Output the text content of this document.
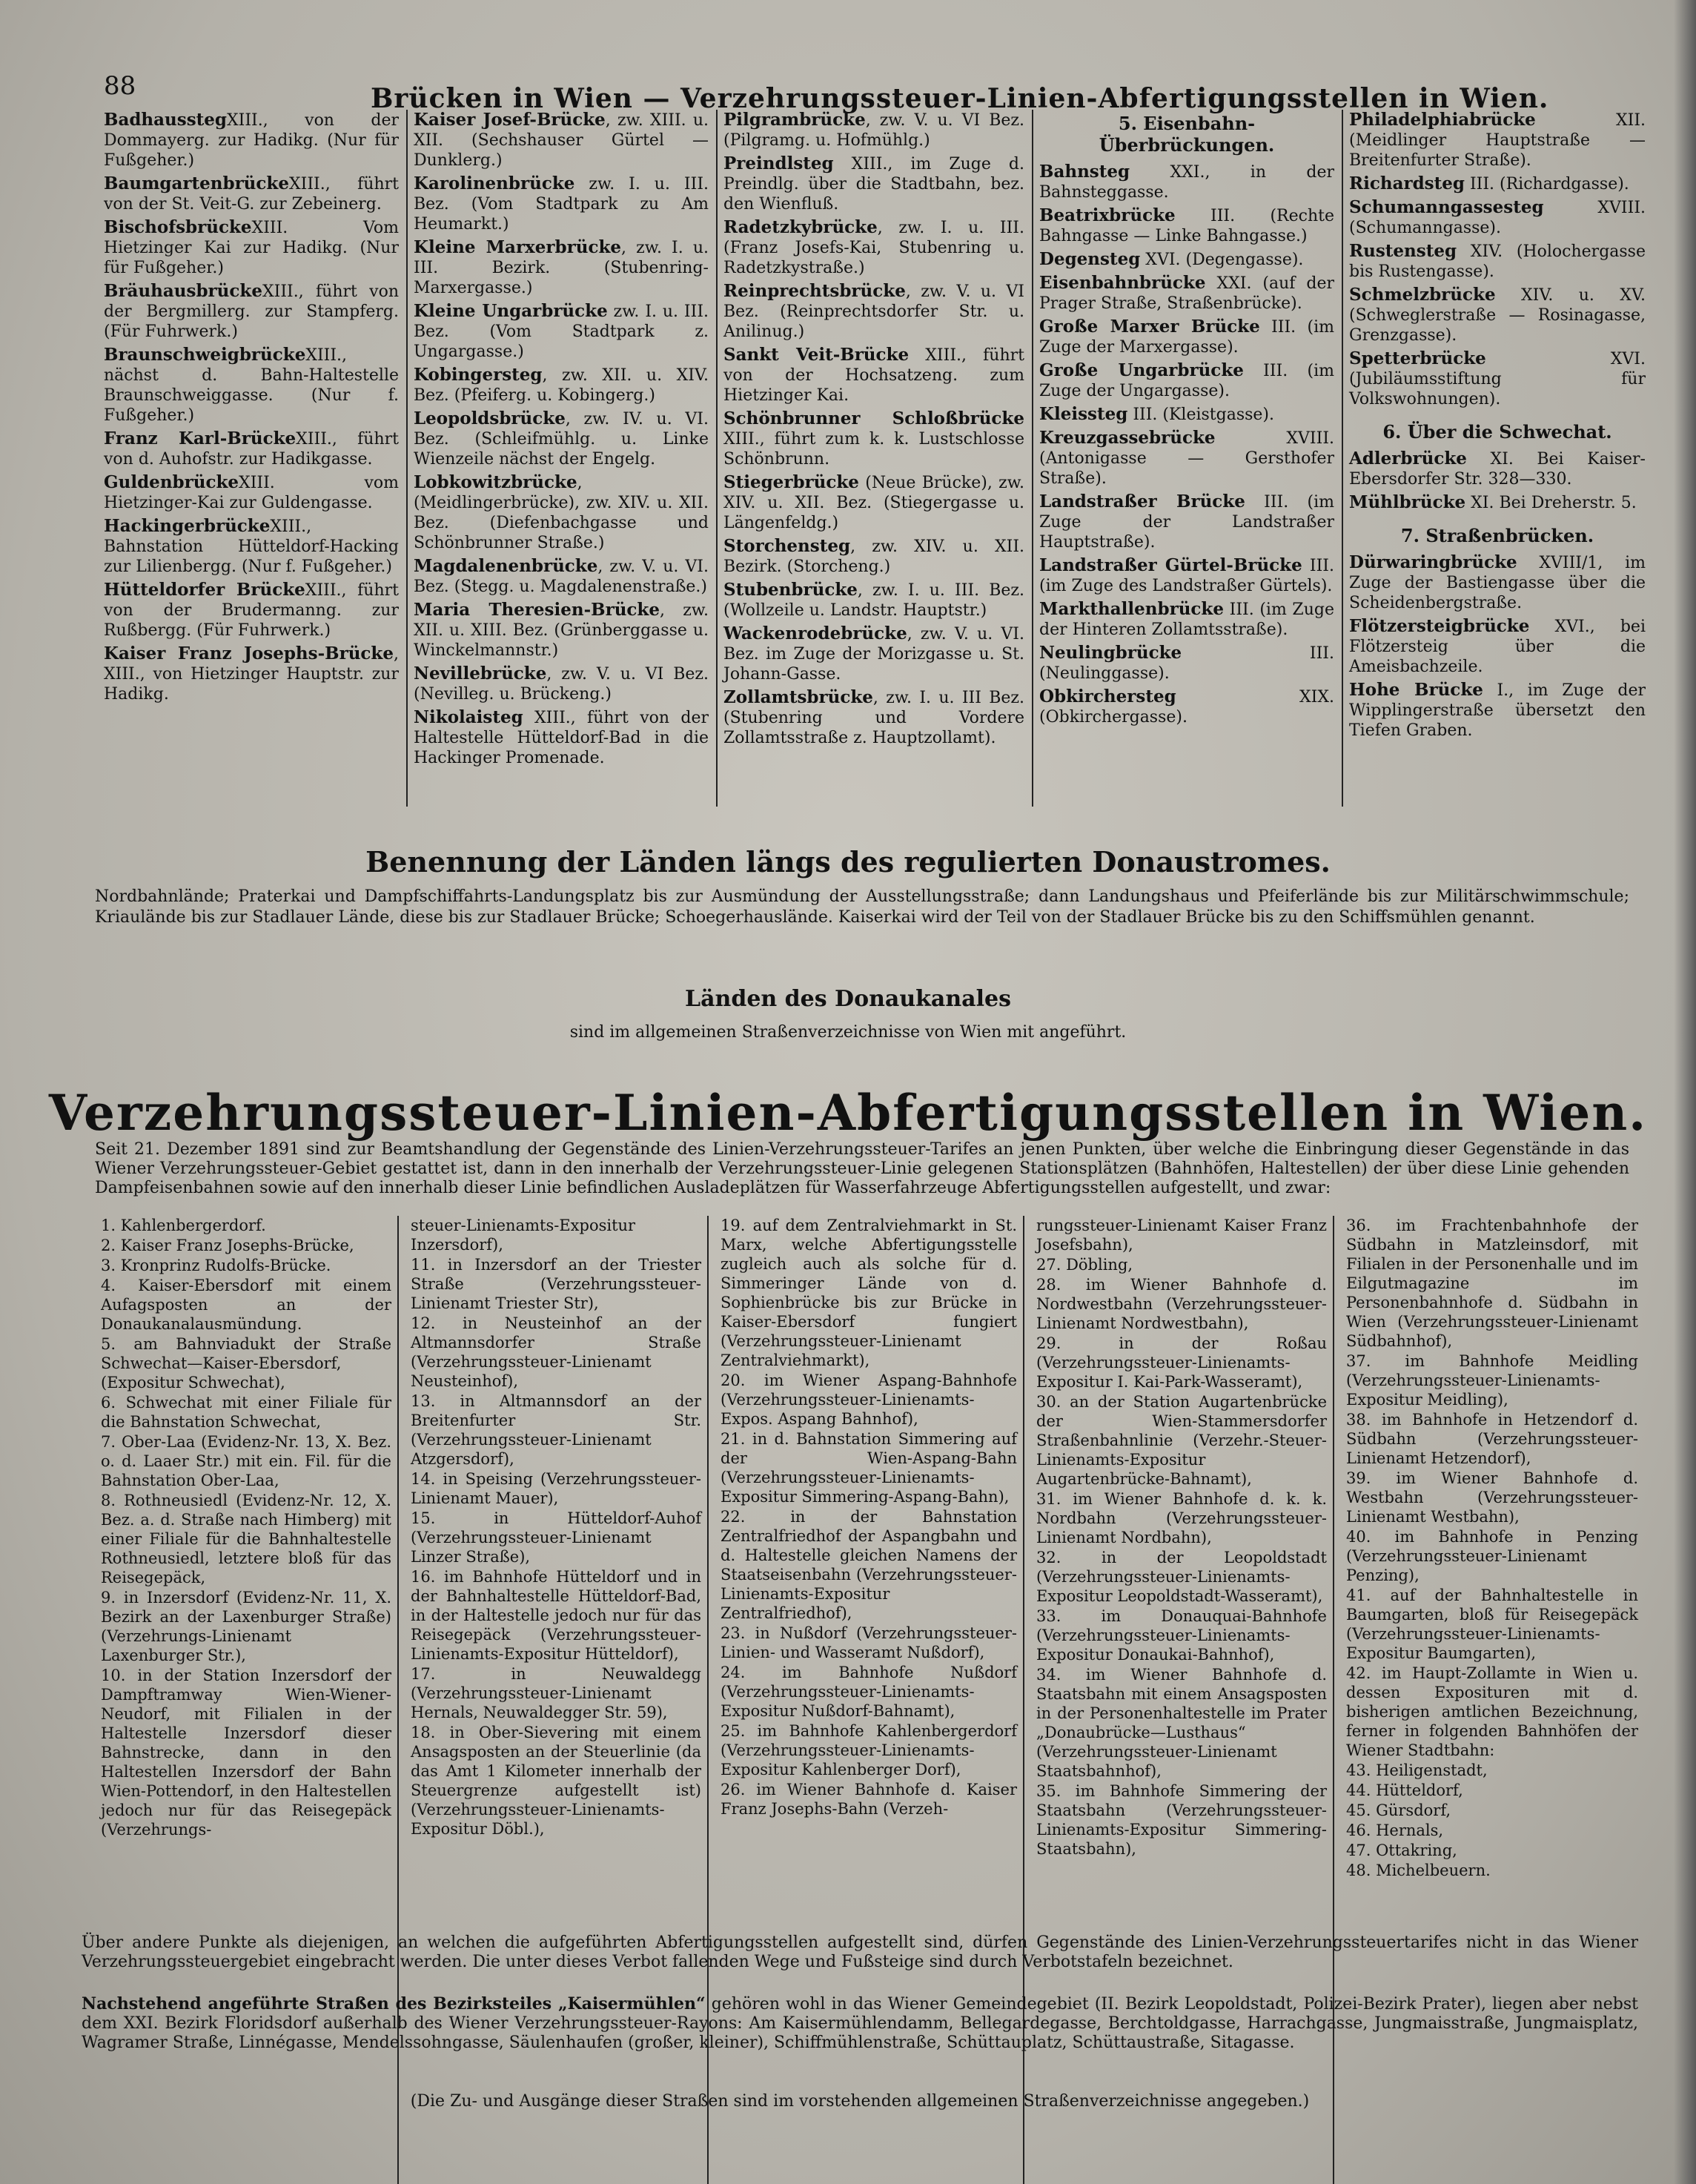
88	Brücken in Wien — Verzehrungssteuer-Linien-Abfertigungsstellen in Wien.

BadhausstegXIII., von der Dommayerg. zur Hadikg. (Nur für Fußgeher.)

BaumgartenbrückeXIII., führt von der St. Veit-G. zur Zebeinerg.

BischofsbrückeXIII. Vom Hietzinger Kai zur Hadikg. (Nur für Fußgeher.)

BräuhausbrückeXIII., führt von der Bergmillerg. zur Stampferg. (Für Fuhrwerk.)

BraunschweigbrückeXIII., nächst d. Bahn-Haltestelle Braunschweiggasse. (Nur f. Fußgeher.)

Franz Karl-BrückeXIII., führt von d. Auhofstr. zur Hadikgasse.

GuldenbrückeXIII. vom Hietzinger-Kai zur Guldengasse.

HackingerbrückeXIII., Bahnstation Hütteldorf-Hacking zur Lilienbergg. (Nur f. Fußgeher.)

Hütteldorfer BrückeXIII., führt von der Brudermanng. zur Rußbergg. (Für Fuhrwerk.)

Kaiser Franz Josephs-Brücke, XIII., von Hietzinger Hauptstr. zur Hadikg.

Kaiser Josef-Brücke, zw. XIII. u. XII. (Sechshauser Gürtel — Dunklerg.)

Karolinenbrücke zw. I. u. III. Bez. (Vom Stadtpark zu Am Heumarkt.)

Kleine Marxerbrücke, zw. I. u. III. Bezirk. (Stubenring-Marxergasse.)

Kleine Ungarbrücke zw. I. u. III. Bez. (Vom Stadtpark z. Ungargasse.)

Kobingersteg, zw. XII. u. XIV. Bez. (Pfeiferg. u. Kobingerg.)

Leopoldsbrücke, zw. IV. u. VI. Bez. (Schleifmühlg. u. Linke Wienzeile nächst der Engelg.

Lobkowitzbrücke, (Meidlingerbrücke), zw. XIV. u. XII. Bez. (Diefenbachgasse und Schönbrunner Straße.)

Magdalenenbrücke, zw. V. u. VI. Bez. (Stegg. u. Magdalenenstraße.)

Maria Theresien-Brücke, zw. XII. u. XIII. Bez. (Grünberggasse u. Winckelmannstr.)

Nevillebrücke, zw. V. u. VI Bez. (Nevilleg. u. Brückeng.)

Nikolaisteg XIII., führt von der Haltestelle Hütteldorf-Bad in die Hackinger Promenade.

Pilgrambrücke, zw. V. u. VI Bez. (Pilgramg. u. Hofmühlg.)

Preindlsteg XIII., im Zuge d. Preindlg. über die Stadtbahn, bez. den Wienfluß.

Radetzkybrücke, zw. I. u. III. (Franz Josefs-Kai, Stubenring u. Radetzkystraße.)

Reinprechtsbrücke, zw. V. u. VI Bez. (Reinprechtsdorfer Str. u. Anilinug.)

Sankt Veit-Brücke XIII., führt von der Hochsatzeng. zum Hietzinger Kai.

Schönbrunner Schloßbrücke XIII., führt zum k. k. Lustschlosse Schönbrunn.

Stiegerbrücke (Neue Brücke), zw. XIV. u. XII. Bez. (Stiegergasse u. Längenfeldg.)

Storchensteg, zw. XIV. u. XII. Bezirk. (Storcheng.)

Stubenbrücke, zw. I. u. III. Bez. (Wollzeile u. Landstr. Hauptstr.)

Wackenrodebrücke, zw. V. u. VI. Bez. im Zuge der Morizgasse u. St. Johann-Gasse.

Zollamtsbrücke, zw. I. u. III Bez. (Stubenring und Vordere Zollamtsstraße z. Hauptzollamt).

5. Eisenbahn-Überbrückungen.

Bahnsteg XXI., in der Bahnsteggasse.

Beatrixbrücke III. (Rechte Bahngasse — Linke Bahngasse.)

Degensteg XVI. (Degengasse).

Eisenbahnbrücke XXI. (auf der Prager Straße, Straßenbrücke).

Große Marxer Brücke III. (im Zuge der Marxergasse).

Große Ungarbrücke III. (im Zuge der Ungargasse).

Kleissteg III. (Kleistgasse).

Kreuzgassebrücke XVIII. (Antonigasse — Gersthofer Straße).

Landstraßer Brücke III. (im Zuge der Landstraßer Hauptstraße).

Landstraßer Gürtel-Brücke III. (im Zuge des Landstraßer Gürtels).

Markthallenbrücke III. (im Zuge der Hinteren Zollamtsstraße).

Neulingbrücke III. (Neulinggasse).

Obkirchersteg XIX. (Obkirchergasse).

Philadelphiabrücke XII. (Meidlinger Hauptstraße — Breitenfurter Straße).

Richardsteg III. (Richardgasse).

Schumanngassesteg XVIII. (Schumanngasse).

Rustensteg XIV. (Holochergasse bis Rustengasse).

Schmelzbrücke XIV. u. XV. (Schweglerstraße — Rosinagasse, Grenzgasse).

Spetterbrücke XVI. (Jubiläumsstiftung für Volkswohnungen).

6. Über die Schwechat.

Adlerbrücke XI. Bei Kaiser-Ebersdorfer Str. 328—330.

Mühlbrücke XI. Bei Dreherstr. 5.

7. Straßenbrücken.

Dürwaringbrücke XVIII/1, im Zuge der Bastiengasse über die Scheidenbergstraße.

Flötzersteigbrücke XVI., bei Flötzersteig über die Ameisbachzeile.

Hohe Brücke I., im Zuge der Wipplingerstraße übersetzt den Tiefen Graben.

Benennung der Länden längs des regulierten Donaustromes.
Nordbahnlände; Praterkai und Dampfschiffahrts-Landungsplatz bis zur Ausmündung der Ausstellungsstraße; dann Landungshaus und Pfeiferlände bis zur Militärschwimmschule; Kriaulände bis zur Stadlauer Lände, diese bis zur Stadlauer Brücke; Schoegerhauslände. Kaiserkai wird der Teil von der Stadlauer Brücke bis zu den Schiffsmühlen genannt.
Länden des Donaukanales
sind im allgemeinen Straßenverzeichnisse von Wien mit angeführt.
Verzehrungssteuer-Linien-Abfertigungsstellen in Wien.
Seit 21. Dezember 1891 sind zur Beamtshandlung der Gegenstände des Linien-Verzehrungssteuer-Tarifes an jenen Punkten, über welche die Einbringung dieser Gegenstände in das Wiener Verzehrungssteuer-Gebiet gestattet ist, dann in den innerhalb der Verzehrungssteuer-Linie gelegenen Stationsplätzen (Bahnhöfen, Haltestellen) der über diese Linie gehenden Dampfeisenbahnen sowie auf den innerhalb dieser Linie befindlichen Ausladeplätzen für Wasserfahrzeuge Abfertigungsstellen aufgestellt, und zwar:

1. Kahlenbergerdorf.

2. Kaiser Franz Josephs-Brücke,

3. Kronprinz Rudolfs-Brücke.

4. Kaiser-Ebersdorf mit einem Aufagsposten an der Donaukanalausmündung.

5. am Bahnviadukt der Straße Schwechat—Kaiser-Ebersdorf, (Expositur Schwechat),

6. Schwechat mit einer Filiale für die Bahnstation Schwechat,

7. Ober-Laa (Evidenz-Nr. 13, X. Bez. o. d. Laaer Str.) mit ein. Fil. für die Bahnstation Ober-Laa,

8. Rothneusiedl (Evidenz-Nr. 12, X. Bez. a. d. Straße nach Himberg) mit einer Filiale für die Bahnhaltestelle Rothneusiedl, letztere bloß für das Reisegepäck,

9. in Inzersdorf (Evidenz-Nr. 11, X. Bezirk an der Laxenburger Straße) (Verzehrungs-Linienamt Laxenburger Str.),

10. in der Station Inzersdorf der Dampftramway Wien-Wiener-Neudorf, mit Filialen in der Haltestelle Inzersdorf dieser Bahnstrecke, dann in den Haltestellen Inzersdorf der Bahn Wien-Pottendorf, in den Haltestellen jedoch nur für das Reisegepäck (Verzehrungs-

steuer-Linienamts-Expositur Inzersdorf),

11. in Inzersdorf an der Triester Straße (Verzehrungssteuer-Linienamt Triester Str),

12. in Neusteinhof an der Altmannsdorfer Straße (Verzehrungssteuer-Linienamt Neusteinhof),

13. in Altmannsdorf an der Breitenfurter Str. (Verzehrungssteuer-Linienamt Atzgersdorf),

14. in Speising (Verzehrungssteuer-Linienamt Mauer),

15. in Hütteldorf-Auhof (Verzehrungssteuer-Linienamt Linzer Straße),

16. im Bahnhofe Hütteldorf und in der Bahnhaltestelle Hütteldorf-Bad, in der Haltestelle jedoch nur für das Reisegepäck (Verzehrungssteuer-Linienamts-Expositur Hütteldorf),

17. in Neuwaldegg (Verzehrungssteuer-Linienamt Hernals, Neuwaldegger Str. 59),

18. in Ober-Sievering mit einem Ansagsposten an der Steuerlinie (da das Amt 1 Kilometer innerhalb der Steuergrenze aufgestellt ist) (Verzehrungssteuer-Linienamts-Expositur Döbl.),

19. auf dem Zentralviehmarkt in St. Marx, welche Abfertigungsstelle zugleich auch als solche für d. Simmeringer Lände von d. Sophienbrücke bis zur Brücke in Kaiser-Ebersdorf fungiert (Verzehrungssteuer-Linienamt Zentralviehmarkt),

20. im Wiener Aspang-Bahnhofe (Verzehrungssteuer-Linienamts-Expos. Aspang Bahnhof),

21. in d. Bahnstation Simmering auf der Wien-Aspang-Bahn (Verzehrungssteuer-Linienamts-Expositur Simmering-Aspang-Bahn),

22. in der Bahnstation Zentralfriedhof der Aspangbahn und d. Haltestelle gleichen Namens der Staatseisenbahn (Verzehrungssteuer-Linienamts-Expositur Zentralfriedhof),

23. in Nußdorf (Verzehrungssteuer-Linien- und Wasseramt Nußdorf),

24. im Bahnhofe Nußdorf (Verzehrungssteuer-Linienamts-Expositur Nußdorf-Bahnamt),

25. im Bahnhofe Kahlenbergerdorf (Verzehrungssteuer-Linienamts-Expositur Kahlenberger Dorf),

26. im Wiener Bahnhofe d. Kaiser Franz Josephs-Bahn (Verzeh-

rungssteuer-Linienamt Kaiser Franz Josefsbahn),

27. Döbling,

28. im Wiener Bahnhofe d. Nordwestbahn (Verzehrungssteuer-Linienamt Nordwestbahn),

29. in der Roßau (Verzehrungssteuer-Linienamts-Expositur I. Kai-Park-Wasseramt),

30. an der Station Augartenbrücke der Wien-Stammersdorfer Straßenbahnlinie (Verzehr.-Steuer-Linienamts-Expositur Augartenbrücke-Bahnamt),

31. im Wiener Bahnhofe d. k. k. Nordbahn (Verzehrungssteuer-Linienamt Nordbahn),

32. in der Leopoldstadt (Verzehrungssteuer-Linienamts-Expositur Leopoldstadt-Wasseramt),

33. im Donauquai-Bahnhofe (Verzehrungssteuer-Linienamts-Expositur Donaukai-Bahnhof),

34. im Wiener Bahnhofe d. Staatsbahn mit einem Ansagsposten in der Personenhaltestelle im Prater „Donaubrücke—Lusthaus“ (Verzehrungssteuer-Linienamt Staatsbahnhof),

35. im Bahnhofe Simmering der Staatsbahn (Verzehrungssteuer-Linienamts-Expositur Simmering-Staatsbahn),

36. im Frachtenbahnhofe der Südbahn in Matzleinsdorf, mit Filialen in der Personenhalle und im Eilgutmagazine im Personenbahnhofe d. Südbahn in Wien (Verzehrungssteuer-Linienamt Südbahnhof),

37. im Bahnhofe Meidling (Verzehrungssteuer-Linienamts-Expositur Meidling),

38. im Bahnhofe in Hetzendorf d. Südbahn (Verzehrungssteuer-Linienamt Hetzendorf),

39. im Wiener Bahnhofe d. Westbahn (Verzehrungssteuer-Linienamt Westbahn),

40. im Bahnhofe in Penzing (Verzehrungssteuer-Linienamt Penzing),

41. auf der Bahnhaltestelle in Baumgarten, bloß für Reisegepäck (Verzehrungssteuer-Linienamts-Expositur Baumgarten),

42. im Haupt-Zollamte in Wien u. dessen Exposituren mit d. bisherigen amtlichen Bezeichnung, ferner in folgenden Bahnhöfen der Wiener Stadtbahn:

43. Heiligenstadt,

44. Hütteldorf,

45. Gürsdorf,

46. Hernals,

47. Ottakring,

48. Michelbeuern.

Über andere Punkte als diejenigen, an welchen die aufgeführten Abfertigungsstellen aufgestellt sind, dürfen Gegenstände des Linien-Verzehrungssteuertarifes nicht in das Wiener Verzehrungssteuergebiet eingebracht werden. Die unter dieses Verbot fallenden Wege und Fußsteige sind durch Verbotstafeln bezeichnet.
Nachstehend angeführte Straßen des Bezirksteiles „Kaisermühlen“ gehören wohl in das Wiener Gemeindegebiet (II. Bezirk Leopoldstadt, Polizei-Bezirk Prater), liegen aber nebst dem XXI. Bezirk Floridsdorf außerhalb des Wiener Verzehrungssteuer-Rayons: Am Kaisermühlendamm, Bellegardegasse, Berchtoldgasse, Harrachgasse, Jungmaisstraße, Jungmaisplatz, Wagramer Straße, Linnégasse, Mendelssohngasse, Säulenhaufen (großer, kleiner), Schiffmühlenstraße, Schüttauplatz, Schüttaustraße, Sitagasse.
(Die Zu- und Ausgänge dieser Straßen sind im vorstehenden allgemeinen Straßenverzeichnisse angegeben.)
